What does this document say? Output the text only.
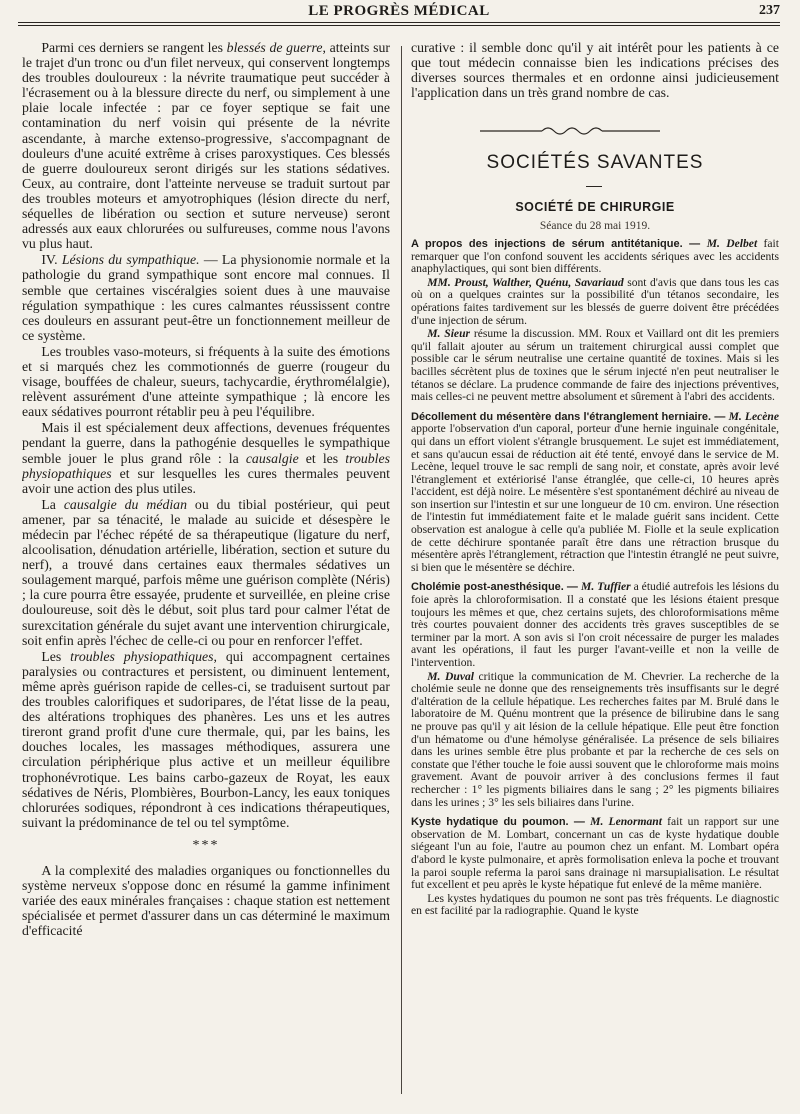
LE PROGRÈS MÉDICAL	237

Parmi ces derniers se rangent les blessés de guerre, atteints sur le trajet d'un tronc ou d'un filet nerveux, qui conservent longtemps des troubles douloureux : la névrite traumatique peut succéder à l'écrasement ou à la blessure directe du nerf, ou simplement à une plaie locale infectée : par ce foyer septique se fait une contamination du nerf voisin qui présente de la névrite ascendante, à marche extenso-progressive, s'accompagnant de douleurs d'une acuité extrême à crises paroxystiques. Ces blessés de guerre douloureux seront dirigés sur les stations sédatives. Ceux, au contraire, dont l'atteinte nerveuse se traduit surtout par des troubles moteurs et amyotrophiques (lésion directe du nerf, séquelles de libération ou section et suture nerveuse) seront adressés aux eaux chlorurées ou sulfureuses, comme nous l'avons vu plus haut.

IV. Lésions du sympathique. — La physionomie normale et la pathologie du grand sympathique sont encore mal connues. Il semble que certaines viscéralgies soient dues à une mauvaise régulation sympathique : les cures calmantes réussissent contre ces douleurs en assurant peut-être un fonctionnement meilleur de ce système.

Les troubles vaso-moteurs, si fréquents à la suite des émotions et si marqués chez les commotionnés de guerre (rougeur du visage, bouffées de chaleur, sueurs, tachycardie, érythromélalgie), relèvent assurément d'une atteinte sympathique ; là encore les eaux sédatives pourront rétablir peu à peu l'équilibre.

Mais il est spécialement deux affections, devenues fréquentes pendant la guerre, dans la pathogénie desquelles le sympathique semble jouer le plus grand rôle : la causalgie et les troubles physiopathiques et sur lesquelles les cures thermales peuvent avoir une action des plus utiles.

La causalgie du médian ou du tibial postérieur, qui peut amener, par sa ténacité, le malade au suicide et désespère le médecin par l'échec répété de sa thérapeutique (ligature du nerf, alcoolisation, dénudation artérielle, libération, section et suture du nerf), a trouvé dans certaines eaux thermales sédatives un soulagement marqué, parfois même une guérison complète (Néris) ; la cure pourra être essayée, prudente et surveillée, en pleine crise douloureuse, soit dès le début, soit plus tard pour calmer l'état de surexcitation générale du sujet avant une intervention chirurgicale, soit enfin après l'échec de celle-ci ou pour en renforcer l'effet.

Les troubles physiopathiques, qui accompagnent certaines paralysies ou contractures et persistent, ou diminuent lentement, même après guérison rapide de celles-ci, se traduisent surtout par des troubles calorifiques et sudoripares, de l'état lisse de la peau, des altérations trophiques des phanères. Les uns et les autres tireront grand profit d'une cure thermale, qui, par les bains, les douches locales, les massages méthodiques, assurera une circulation périphérique plus active et un meilleur équilibre trophonévrotique. Les bains carbo-gazeux de Royat, les eaux sédatives de Néris, Plombières, Bourbon-Lancy, les eaux toniques chlorurées sodiques, répondront à ces indications thérapeutiques, suivant la prédominance de tel ou tel symptôme.

***

A la complexité des maladies organiques ou fonctionnelles du système nerveux s'oppose donc en résumé la gamme infiniment variée des eaux minérales françaises : chaque station est nettement spécialisée et permet d'assurer dans un cas déterminé le maximum d'efficacité

curative : il semble donc qu'il y ait intérêt pour les patients à ce que tout médecin connaisse bien les indications précises des diverses sources thermales et en ordonne ainsi judicieusement l'application dans un très grand nombre de cas.

SOCIÉTÉS SAVANTES
SOCIÉTÉ DE CHIRURGIE
Séance du 28 mai 1919.

A propos des injections de sérum antitétanique. — M. Delbet fait remarquer que l'on confond souvent les accidents sériques avec les accidents anaphylactiques, qui sont bien différents.

MM. Proust, Walther, Quénu, Savariaud sont d'avis que dans tous les cas où on a quelques craintes sur la possibilité d'un tétanos secondaire, les opérations faites tardivement sur les blessés de guerre doivent être précédées d'une injection de sérum.

M. Sieur résume la discussion. MM. Roux et Vaillard ont dit les premiers qu'il fallait ajouter au sérum un traitement chirurgical aussi complet que possible car le sérum neutralise une certaine quantité de toxines. Mais si les bacilles sécrètent plus de toxines que le sérum injecté n'en peut neutraliser le tétanos se déclare. La prudence commande de faire des injections préventives, mais celles-ci ne peuvent mettre absolument et sûrement à l'abri des accidents.

Décollement du mésentère dans l'étranglement herniaire. — M. Lecène apporte l'observation d'un caporal, porteur d'une hernie inguinale congénitale, qui dans un effort violent s'étrangle brusquement. Le sujet est immédiatement, et sans qu'aucun essai de réduction ait été tenté, envoyé dans le service de M. Lecène, lequel trouve le sac rempli de sang noir, et constate, après avoir levé l'étranglement et extériorisé l'anse étranglée, que celle-ci, 10 heures après l'accident, est déjà noire. Le mésentère s'est spontanément déchiré au niveau de son insertion sur l'intestin et sur une longueur de 10 cm. environ. Une résection de l'intestin fut immédiatement faite et le malade guérit sans incident. Cette observation est analogue à celle qu'a publiée M. Fiolle et la seule explication de cette déchirure spontanée paraît être dans une rétraction brusque du mésentère après l'étranglement, rétraction que l'intestin étranglé ne peut suivre, si bien que le mésentère se déchire.

Cholémie post-anesthésique. — M. Tuffier a étudié autrefois les lésions du foie après la chloroformisation. Il a constaté que les lésions étaient presque toujours les mêmes et que, chez certains sujets, des chloroformisations même très courtes pouvaient donner des accidents très graves susceptibles de se terminer par la mort. A son avis si l'on croit nécessaire de purger les malades avant les opérations, il faut les purger l'avant-veille et non la veille de l'intervention.

M. Duval critique la communication de M. Chevrier. La recherche de la cholémie seule ne donne que des renseignements très insuffisants sur le degré d'altération de la cellule hépatique. Les recherches faites par M. Brulé dans le laboratoire de M. Quénu montrent que la présence de bilirubine dans le sang ne prouve pas qu'il y ait lésion de la cellule hépatique. Elle peut être fonction d'un hématome ou d'une hémolyse généralisée. La présence de sels biliaires dans les urines semble être plus probante et par la recherche de ces sels on constate que l'éther touche le foie aussi souvent que le chloroforme mais moins gravement. Avant de pouvoir arriver à des conclusions fermes il faut rechercher : 1° les pigments biliaires dans le sang ; 2° les pigments biliaires dans les urines ; 3° les sels biliaires dans l'urine.

Kyste hydatique du poumon. — M. Lenormant fait un rapport sur une observation de M. Lombart, concernant un cas de kyste hydatique double siégeant l'un au foie, l'autre au poumon chez un enfant. M. Lombart opéra d'abord le kyste pulmonaire, et après formolisation enleva la poche et trouvant la paroi souple referma la paroi sans drainage ni marsupialisation. Le résultat fut excellent et peu après le kyste hépatique fut enlevé de la même manière.

Les kystes hydatiques du poumon ne sont pas très fréquents. Le diagnostic en est facilité par la radiographie. Quand le kyste
